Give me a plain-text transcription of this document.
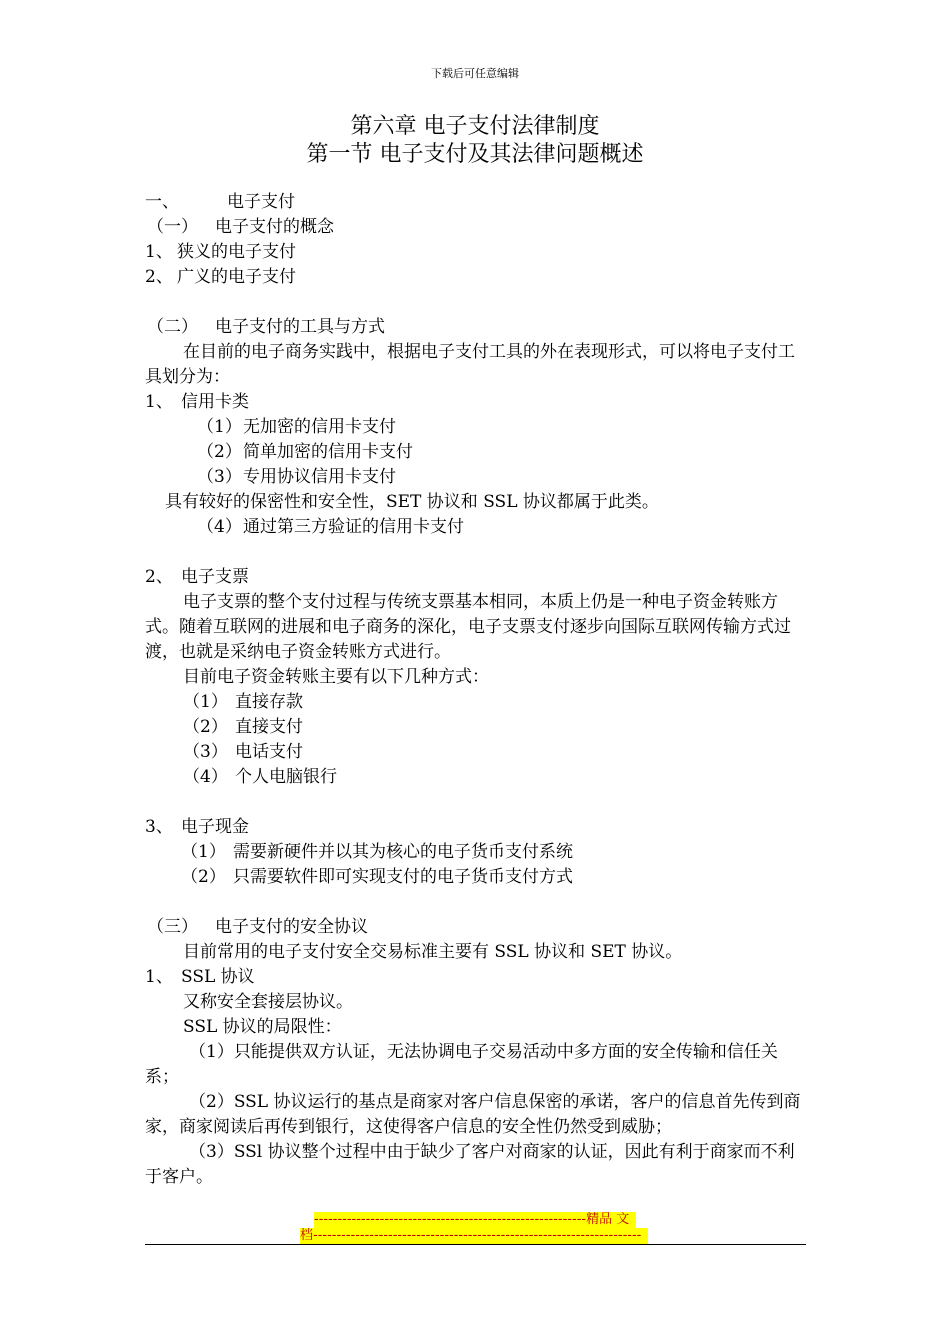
下载后可任意编辑
第六章 电子支付法律制度
第一节 电子支付及其法律问题概述
一、	电子支付
（一） 电子支付的概念
1、 狭义的电子支付
2、 广义的电子支付
（二） 电子支付的工具与方式
在目前的电子商务实践中，根据电子支付工具的外在表现形式，可以将电子支付工具划分为：
1、 信用卡类
（1）无加密的信用卡支付
（2）简单加密的信用卡支付
（3）专用协议信用卡支付
具有较好的保密性和安全性，SET 协议和 SSL 协议都属于此类。
（4）通过第三方验证的信用卡支付
2、 电子支票
电子支票的整个支付过程与传统支票基本相同，本质上仍是一种电子资金转账方式。随着互联网的进展和电子商务的深化，电子支票支付逐步向国际互联网传输方式过渡，也就是采纳电子资金转账方式进行。
目前电子资金转账主要有以下几种方式：
（1） 直接存款
（2） 直接支付
（3） 电话支付
（4） 个人电脑银行
3、 电子现金
（1） 需要新硬件并以其为核心的电子货币支付系统
（2） 只需要软件即可实现支付的电子货币支付方式
（三） 电子支付的安全协议
目前常用的电子支付安全交易标准主要有 SSL 协议和 SET 协议。
1、 SSL 协议
又称安全套接层协议。
SSL 协议的局限性：
（1）只能提供双方认证，无法协调电子交易活动中多方面的安全传输和信任关系；
（2）SSL 协议运行的基点是商家对客户信息保密的承诺，客户的信息首先传到商家，商家阅读后再传到银行，这使得客户信息的安全性仍然受到威胁；
（3）SSl 协议整个过程中由于缺少了客户对商家的认证，因此有利于商家而不利于客户。
----------------------------------------------------------精品 文
档----------------------------------------------------------------------
